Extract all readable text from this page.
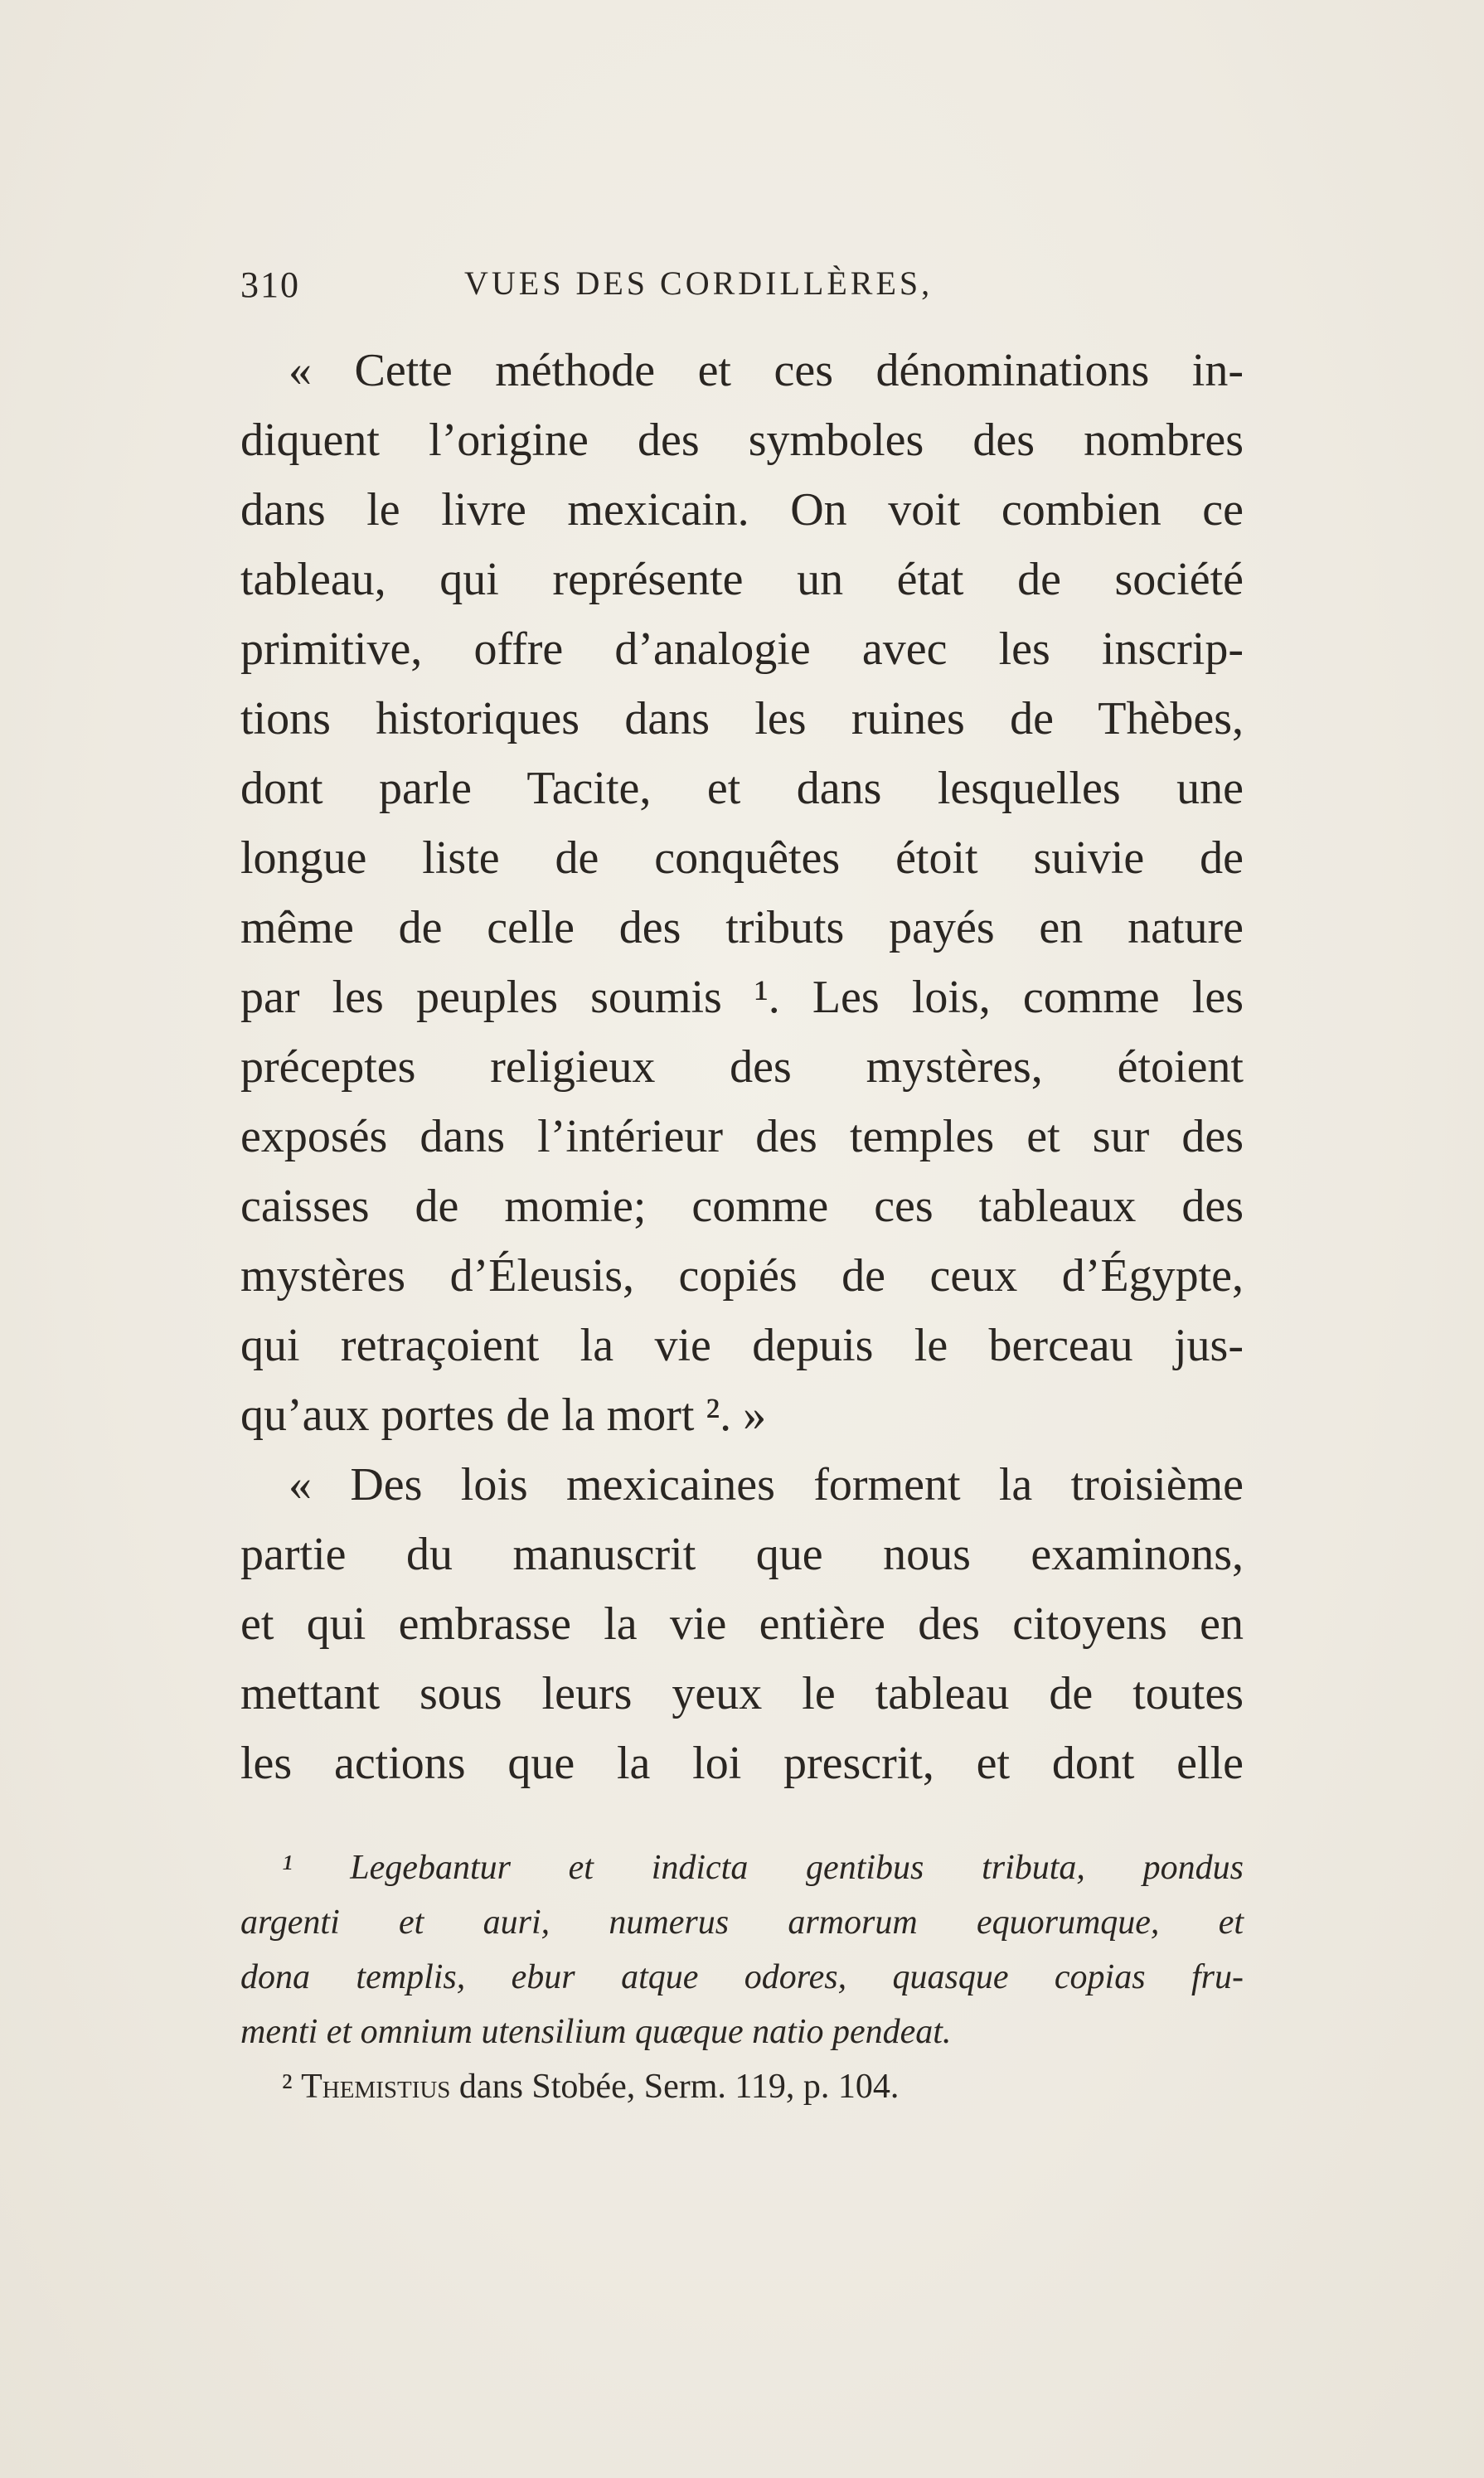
310	VUES DES CORDILLÈRES,
« Cette méthode et ces dénominations in-
diquent l’origine des symboles des nombres
dans le livre mexicain. On voit combien ce
tableau, qui représente un état de société
primitive, offre d’analogie avec les inscrip-
tions historiques dans les ruines de Thèbes,
dont parle Tacite, et dans lesquelles une
longue liste de conquêtes étoit suivie de
même de celle des tributs payés en nature
par les peuples soumis ¹. Les lois, comme les
préceptes religieux des mystères, étoient
exposés dans l’intérieur des temples et sur des
caisses de momie; comme ces tableaux des
mystères d’Éleusis, copiés de ceux d’Égypte,
qui retraçoient la vie depuis le berceau jus-
qu’aux portes de la mort ². »
« Des lois mexicaines forment la troisième
partie du manuscrit que nous examinons,
et qui embrasse la vie entière des citoyens en
mettant sous leurs yeux le tableau de toutes
les actions que la loi prescrit, et dont elle
¹ Legebantur et indicta gentibus tributa, pondus
argenti et auri, numerus armorum equorumque, et
dona templis, ebur atque odores, quasque copias fru-
menti et omnium utensilium quæque natio pendeat.
² Themistius dans Stobée, Serm. 119, p. 104.
